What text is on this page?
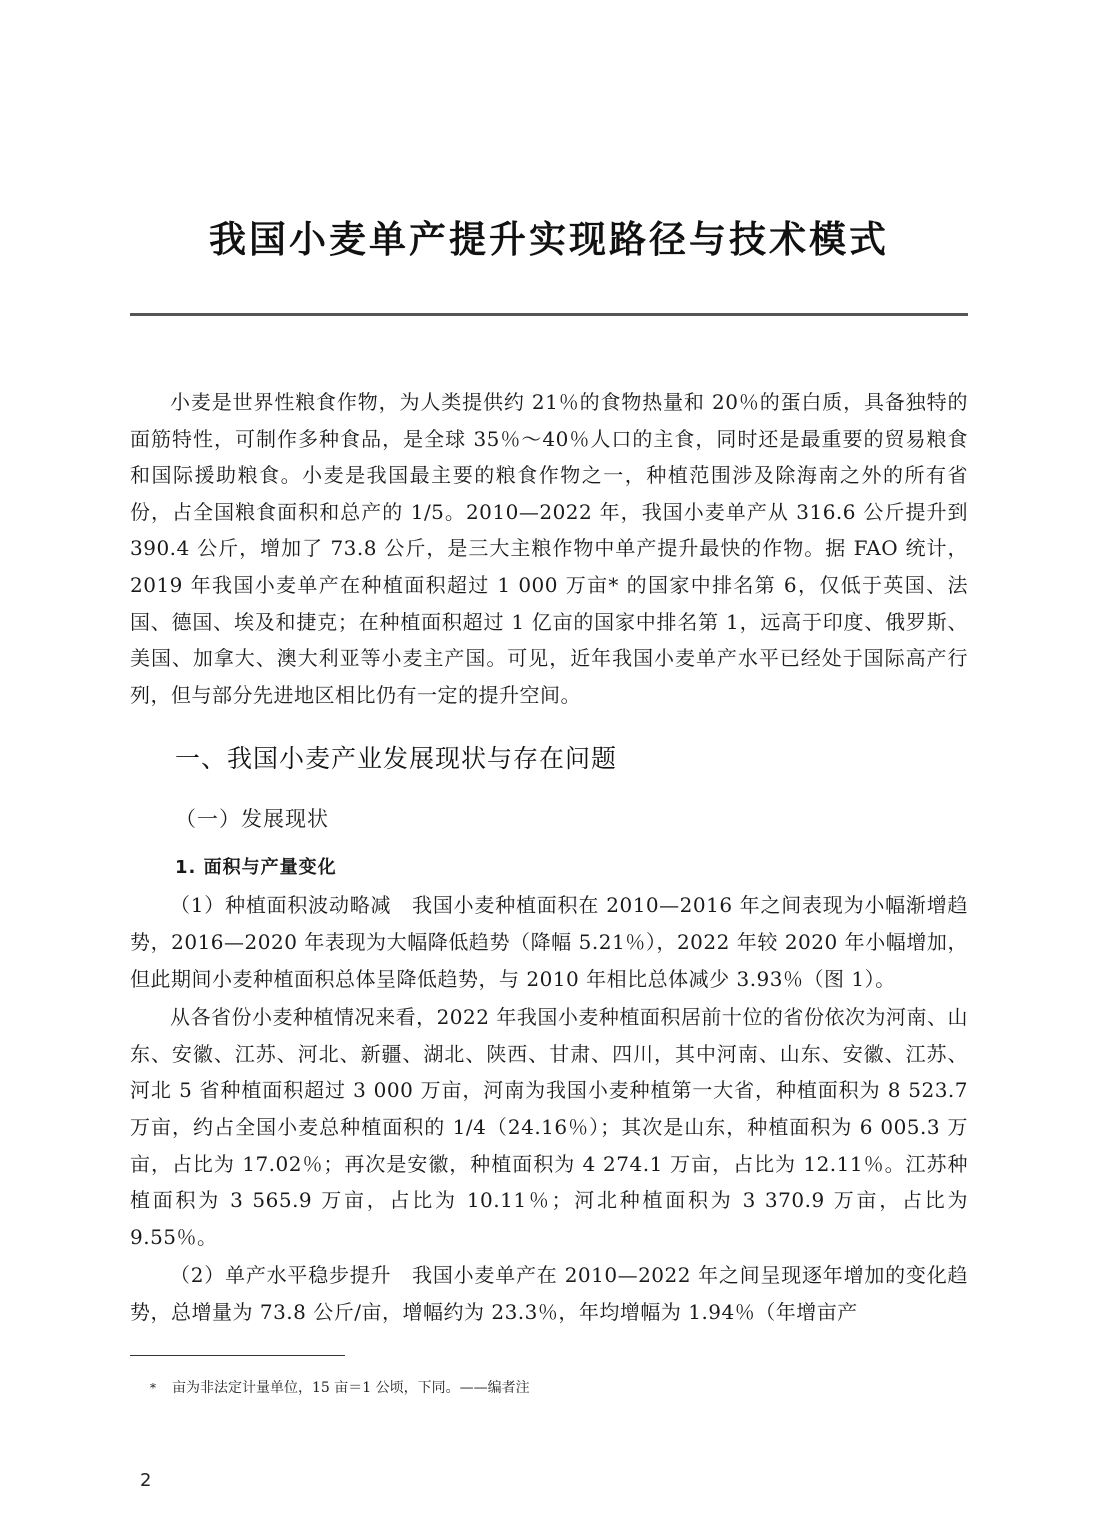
我国小麦单产提升实现路径与技术模式

小麦是世界性粮食作物，为人类提供约 21％的食物热量和 20％的蛋白质，具备独特的面筋特性，可制作多种食品，是全球 35％～40％人口的主食，同时还是最重要的贸易粮食和国际援助粮食。小麦是我国最主要的粮食作物之一，种植范围涉及除海南之外的所有省份，占全国粮食面积和总产的 1/5。2010—2022 年，我国小麦单产从 316.6 公斤提升到 390.4 公斤，增加了 73.8 公斤，是三大主粮作物中单产提升最快的作物。据 FAO 统计，2019 年我国小麦单产在种植面积超过 1 000 万亩* 的国家中排名第 6，仅低于英国、法国、德国、埃及和捷克；在种植面积超过 1 亿亩的国家中排名第 1，远高于印度、俄罗斯、美国、加拿大、澳大利亚等小麦主产国。可见，近年我国小麦单产水平已经处于国际高产行列，但与部分先进地区相比仍有一定的提升空间。

一、我国小麦产业发展现状与存在问题
（一）发展现状
1. 面积与产量变化

（1）种植面积波动略减　我国小麦种植面积在 2010—2016 年之间表现为小幅渐增趋势，2016—2020 年表现为大幅降低趋势（降幅 5.21％），2022 年较 2020 年小幅增加，但此期间小麦种植面积总体呈降低趋势，与 2010 年相比总体减少 3.93％（图 1）。

从各省份小麦种植情况来看，2022 年我国小麦种植面积居前十位的省份依次为河南、山东、安徽、江苏、河北、新疆、湖北、陕西、甘肃、四川，其中河南、山东、安徽、江苏、河北 5 省种植面积超过 3 000 万亩，河南为我国小麦种植第一大省，种植面积为 8 523.7 万亩，约占全国小麦总种植面积的 1/4（24.16％）；其次是山东，种植面积为 6 005.3 万亩，占比为 17.02％；再次是安徽，种植面积为 4 274.1 万亩，占比为 12.11％。江苏种植面积为 3 565.9 万亩，占比为 10.11％；河北种植面积为 3 370.9 万亩，占比为 9.55％。

（2）单产水平稳步提升　我国小麦单产在 2010—2022 年之间呈现逐年增加的变化趋势，总增量为 73.8 公斤/亩，增幅约为 23.3％，年均增幅为 1.94％（年增亩产

* 亩为非法定计量单位，15 亩＝1 公顷，下同。——编者注
2
